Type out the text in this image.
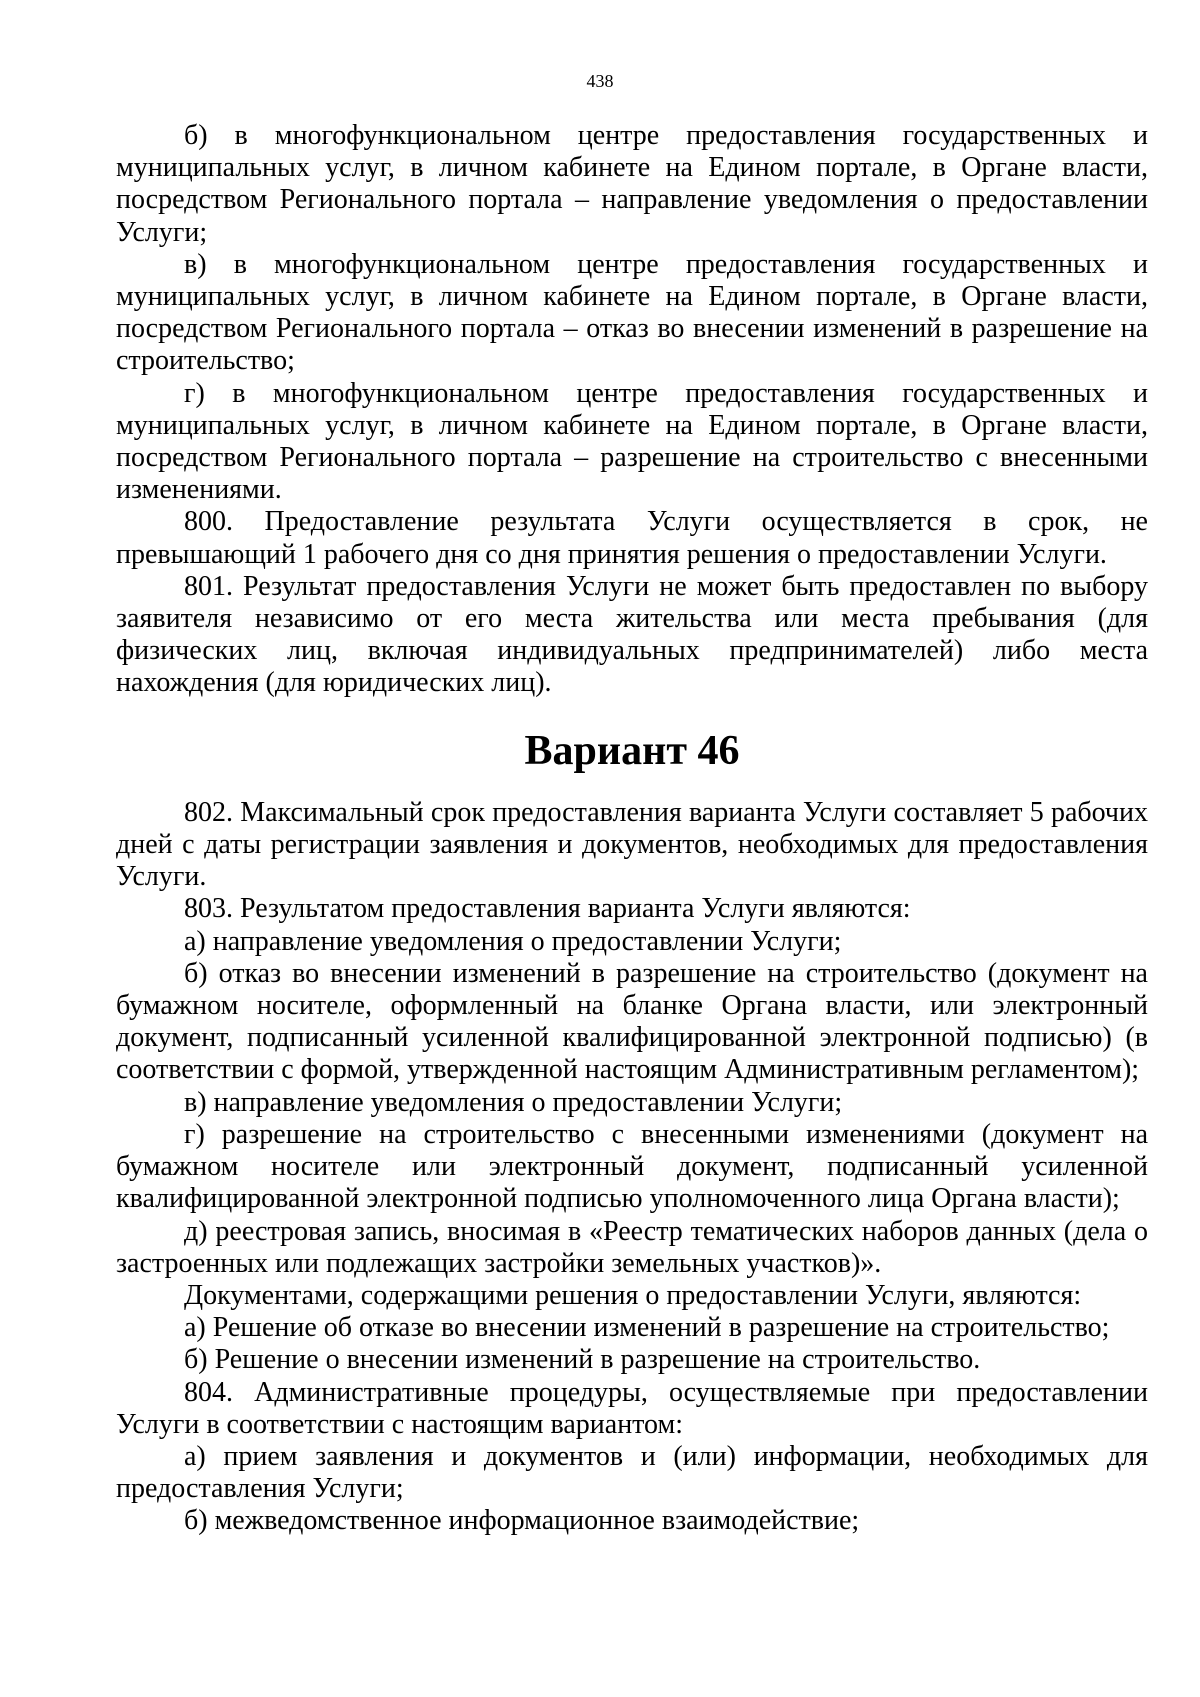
438

б) в многофункциональном центре предоставления государственных и муниципальных услуг, в личном кабинете на Едином портале, в Органе власти, посредством Регионального портала – направление уведомления о предоставлении Услуги;

в) в многофункциональном центре предоставления государственных и муниципальных услуг, в личном кабинете на Едином портале, в Органе власти, посредством Регионального портала – отказ во внесении изменений в разрешение на строительство;

г) в многофункциональном центре предоставления государственных и муниципальных услуг, в личном кабинете на Едином портале, в Органе власти, посредством Регионального портала – разрешение на строительство с внесенными изменениями.

800. Предоставление результата Услуги осуществляется в срок, не превышающий 1 рабочего дня со дня принятия решения о предоставлении Услуги.

801. Результат предоставления Услуги не может быть предоставлен по выбору заявителя независимо от его места жительства или места пребывания (для физических лиц, включая индивидуальных предпринимателей) либо места нахождения (для юридических лиц).

Вариант 46

802. Максимальный срок предоставления варианта Услуги составляет 5 рабочих дней с даты регистрации заявления и документов, необходимых для предоставления Услуги.

803. Результатом предоставления варианта Услуги являются:

а) направление уведомления о предоставлении Услуги;

б) отказ во внесении изменений в разрешение на строительство (документ на бумажном носителе, оформленный на бланке Органа власти, или электронный документ, подписанный усиленной квалифицированной электронной подписью) (в соответствии с формой, утвержденной настоящим Административным регламентом);

в) направление уведомления о предоставлении Услуги;

г) разрешение на строительство с внесенными изменениями (документ на бумажном носителе или электронный документ, подписанный усиленной квалифицированной электронной подписью уполномоченного лица Органа власти);

д) реестровая запись, вносимая в «Реестр тематических наборов данных (дела о застроенных или подлежащих застройки земельных участков)».

Документами, содержащими решения о предоставлении Услуги, являются:

а) Решение об отказе во внесении изменений в разрешение на строительство;

б) Решение о внесении изменений в разрешение на строительство.

804. Административные процедуры, осуществляемые при предоставлении Услуги в соответствии с настоящим вариантом:

а) прием заявления и документов и (или) информации, необходимых для предоставления Услуги;

б) межведомственное информационное взаимодействие;
